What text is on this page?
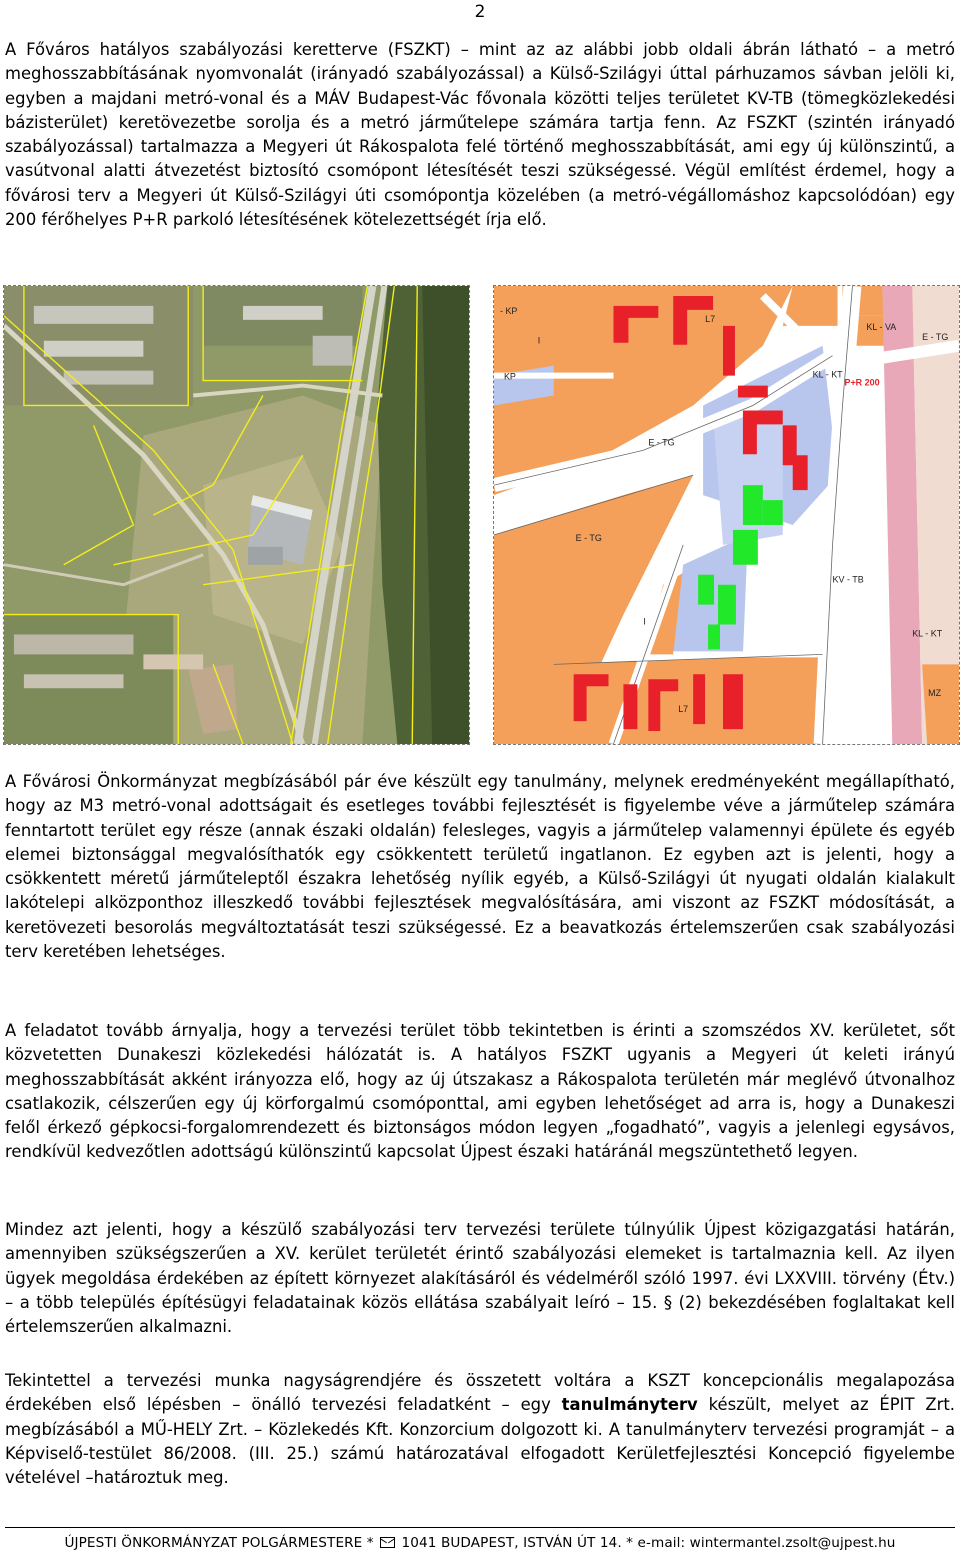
2

A Főváros hatályos szabályozási keretterve (FSZKT) – mint az az alábbi jobb oldali ábrán látható – a metró meghosszabbításának nyomvonalát (irányadó szabályozással) a Külső-Szilágyi úttal párhuzamos sávban jelöli ki, egyben a majdani metró-vonal és a MÁV Budapest-Vác fővonala közötti teljes területet KV-TB (tömegközlekedési bázisterület) keretövezetbe sorolja és a metró járműtelepe számára tartja fenn. Az FSZKT (szintén irányadó szabályozással) tartalmazza a Megyeri út Rákospalota felé történő meghosszabbítását, ami egy új különszintű, a vasútvonal alatti átvezetést biztosító csomópont létesítését teszi szükségessé. Végül említést érdemel, hogy a fővárosi terv a Megyeri út Külső-Szilágyi úti csomópontja közelében (a metró-végállomáshoz kapcsolódóan) egy 200 férőhelyes P+R parkoló létesítésének kötelezettségét írja elő.

- KP
KP
L7
I
KL - VA
E - TG
KL - KT
P+R 200
E - TG
E - TG
KV - TB
I
KL - KT
L7
MZ

A Fővárosi Önkormányzat megbízásából pár éve készült egy tanulmány, melynek eredményeként megállapítható, hogy az M3 metró-vonal adottságait és esetleges további fejlesztését is figyelembe véve a járműtelep számára fenntartott terület egy része (annak északi oldalán) felesleges, vagyis a járműtelep valamennyi épülete és egyéb elemei biztonsággal megvalósíthatók egy csökkentett területű ingatlanon. Ez egyben azt is jelenti, hogy a csökkentett méretű járműteleptől északra lehetőség nyílik egyéb, a Külső-Szilágyi út nyugati oldalán kialakult lakótelepi alközponthoz illeszkedő további fejlesztések megvalósítására, ami viszont az FSZKT módosítását, a keretövezeti besorolás megváltoztatását teszi szükségessé. Ez a beavatkozás értelemszerűen csak szabályozási terv keretében lehetséges.

A feladatot tovább árnyalja, hogy a tervezési terület több tekintetben is érinti a szomszédos XV. kerületet, sőt közvetetten Dunakeszi közlekedési hálózatát is. A hatályos FSZKT ugyanis a Megyeri út keleti irányú meghosszabbítását akként irányozza elő, hogy az új útszakasz a Rákospalota területén már meglévő útvonalhoz csatlakozik, célszerűen egy új körforgalmú csomóponttal, ami egyben lehetőséget ad arra is, hogy a Dunakeszi felől érkező gépkocsi-forgalomrendezett és biztonságos módon legyen „fogadható”, vagyis a jelenlegi egysávos, rendkívül kedvezőtlen adottságú különszintű kapcsolat Újpest északi határánál megszüntethető legyen.

Mindez azt jelenti, hogy a készülő szabályozási terv tervezési területe túlnyúlik Újpest közigazgatási határán, amennyiben szükségszerűen a XV. kerület területét érintő szabályozási elemeket is tartalmaznia kell. Az ilyen ügyek megoldása érdekében az épített környezet alakításáról és védelméről szóló 1997. évi LXXVIII. törvény (Étv.) – a több település építésügyi feladatainak közös ellátása szabályait leíró – 15. § (2) bekezdésében foglaltakat kell értelemszerűen alkalmazni.

Tekintettel a tervezési munka nagyságrendjére és összetett voltára a KSZT koncepcionális megalapozása érdekében első lépésben – önálló tervezési feladatként – egy tanulmányterv készült, melyet az ÉPIT Zrt. megbízásából a MŰ-HELY Zrt. – Közlekedés Kft. Konzorcium dolgozott ki. A tanulmányterv tervezési programját – a Képviselő-testület 86/2008. (III. 25.) számú határozatával elfogadott Kerületfejlesztési Koncepció figyelembe vételével –határoztuk meg.

ÚJPESTI ÖNKORMÁNYZAT POLGÁRMESTERE * 1041 BUDAPEST, ISTVÁN ÚT 14. * e-mail: wintermantel.zsolt@ujpest.hu
